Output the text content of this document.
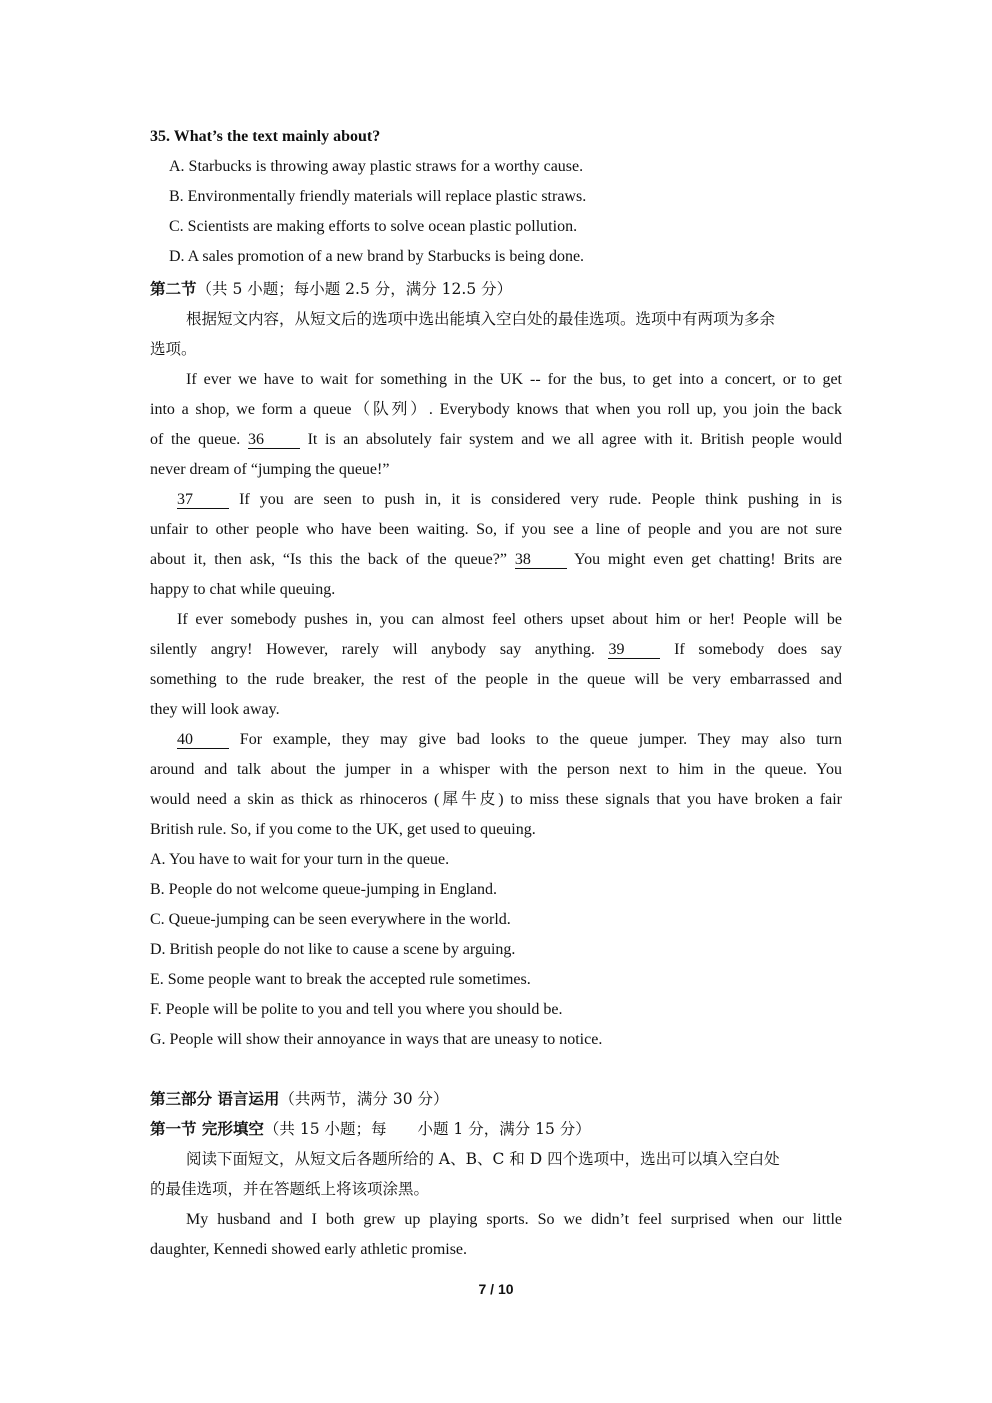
35. What’s the text mainly about?
A. Starbucks is throwing away plastic straws for a worthy cause.
B. Environmentally friendly materials will replace plastic straws.
C. Scientists are making efforts to solve ocean plastic pollution.
D. A sales promotion of a new brand by Starbucks is being done.
第二节（共 5 小题；每小题 2.5 分，满分 12.5 分）
根据短文内容，从短文后的选项中选出能填入空白处的最佳选项。选项中有两项为多余
选项。
If ever we have to wait for something in the UK -- for the bus, to get into a concert, or to get
into a shop, we form a queue（队列）. Everybody knows that when you roll up, you join the back
of the queue. 36	It is an absolutely fair system and we all agree with it. British people would
never dream of “jumping the queue!”
37	If you are seen to push in, it is considered very rude. People think pushing in is
unfair to other people who have been waiting. So, if you see a line of people and you are not sure
about it, then ask, “Is this the back of the queue?” 38	You might even get chatting! Brits are
happy to chat while queuing.
If ever somebody pushes in, you can almost feel others upset about him or her! People will be
silently angry! However, rarely will anybody say anything. 39	If somebody does say
something to the rude breaker, the rest of the people in the queue will be very embarrassed and
they will look away.
40	For example, they may give bad looks to the queue jumper. They may also turn
around and talk about the jumper in a whisper with the person next to him in the queue. You
would need a skin as thick as rhinoceros (犀牛皮) to miss these signals that you have broken a fair
British rule. So, if you come to the UK, get used to queuing.
A. You have to wait for your turn in the queue.
B. People do not welcome queue-jumping in England.
C. Queue-jumping can be seen everywhere in the world.
D. British people do not like to cause a scene by arguing.
E. Some people want to break the accepted rule sometimes.
F. People will be polite to you and tell you where you should be.
G. People will show their annoyance in ways that are uneasy to notice.
第三部分 语言运用（共两节，满分 30 分）
第一节 完形填空（共 15 小题；每　　小题 1 分，满分 15 分）
阅读下面短文，从短文后各题所给的 A、B、C 和 D 四个选项中，选出可以填入空白处
的最佳选项，并在答题纸上将该项涂黑。
My husband and I both grew up playing sports. So we didn’t feel surprised when our little
daughter, Kennedi showed early athletic promise.
7 / 10
